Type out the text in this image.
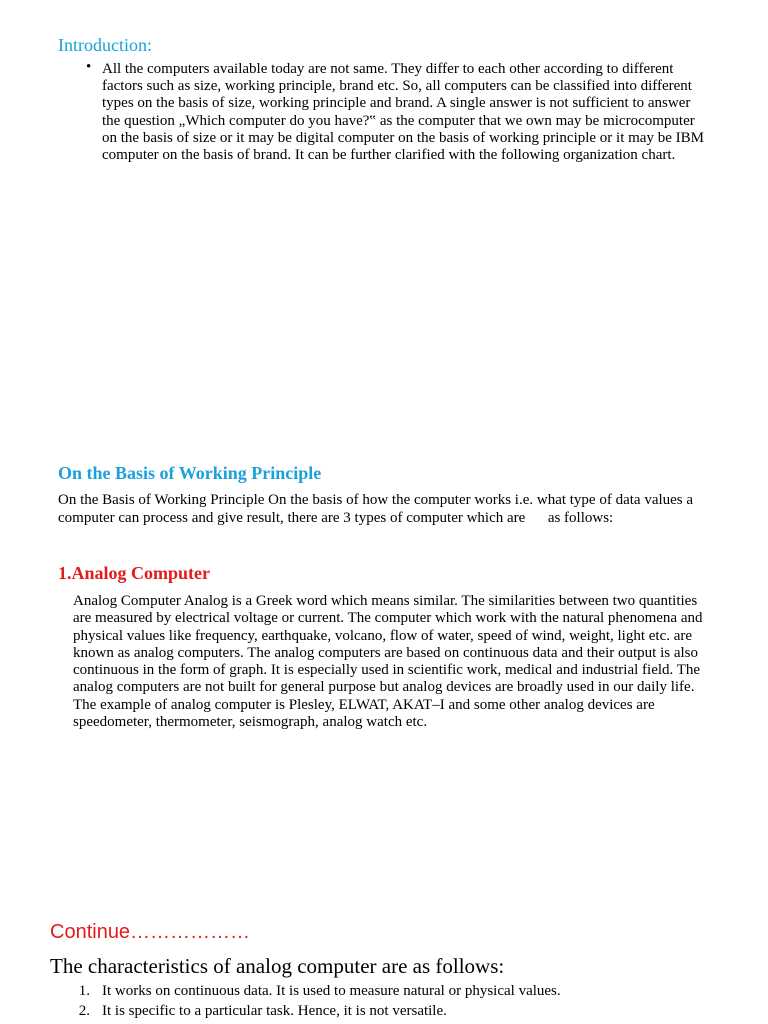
Introduction:
• All the computers available today are not same. They differ to each other according to different factors such as size, working principle, brand etc. So, all computers can be classified into different types on the basis of size, working principle and brand. A single answer is not sufficient to answer the question „Which computer do you have?‟ as the computer that we own may be microcomputer on the basis of size or it may be digital computer on the basis of working principle or it may be IBM computer on the basis of brand. It can be further clarified with the following organization chart.
On the Basis of Working Principle
On the Basis of Working Principle On the basis of how the computer works i.e. what type of data values a computer can process and give result, there are 3 types of computer which are      as follows:
1.Analog Computer
Analog Computer Analog is a Greek word which means similar. The similarities between two quantities are measured by electrical voltage or current. The computer which work with the natural phenomena and physical values like frequency, earthquake, volcano, flow of water, speed of wind, weight, light etc. are known as analog computers. The analog computers are based on continuous data and their output is also continuous in the form of graph. It is especially used in scientific work, medical and industrial field. The analog computers are not built for general purpose but analog devices are broadly used in our daily life. The example of analog computer is Plesley, ELWAT, AKAT–I and some other analog devices are speedometer, thermometer, seismograph, analog watch etc.
Continue………………
The characteristics of analog computer are as follows:
1. It works on continuous data. It is used to measure natural or physical values.
2. It is specific to a particular task. Hence, it is not versatile.
